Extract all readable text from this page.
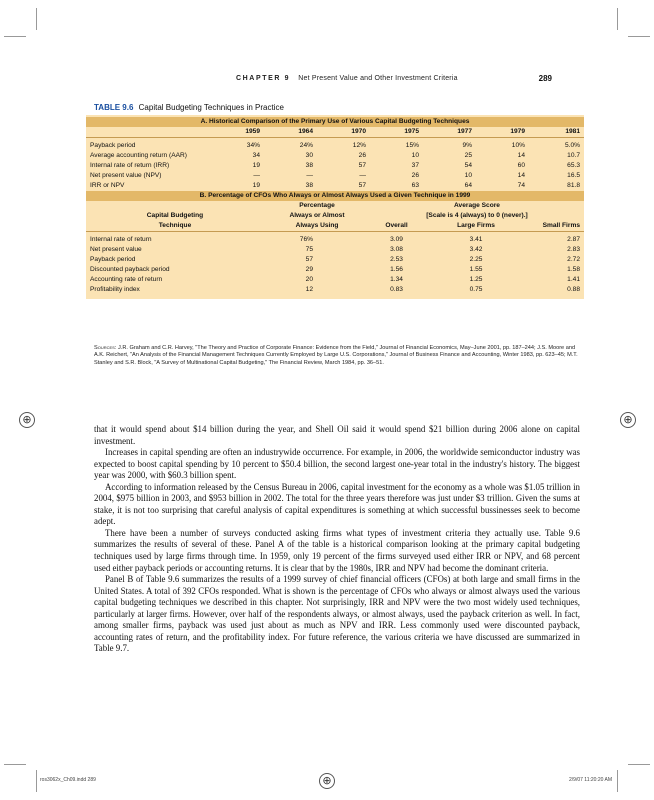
⊕	⊕
⊕
CHAPTER 9 Net Present Value and Other Investment Criteria	289
TABLE 9.6 Capital Budgeting Techniques in Practice
A. Historical Comparison of the Primary Use of Various Capital Budgeting Techniques							
	1959	1964	1970	1975	1977	1979	1981

Payback period	34%	24%	12%	15%	9%	10%	5.0%
Average accounting return (AAR)	34	30	26	10	25	14	10.7
Internal rate of return (IRR)	19	38	57	37	54	60	65.3
Net present value (NPV)	—	—	—	26	10	14	16.5
IRR or NPV	19	38	57	63	64	74	81.8
B. Percentage of CFOs Who Always or Almost Always Used a Given Technique in 1999							
		Percentage		Average Score			
Capital Budgeting		Always or Almost		[Scale is 4 (always) to 0 (never).]			
Technique		Always Using		Overall	Large Firms		Small Firms

Internal rate of return		76%		3.09	3.41		2.87
Net present value		75		3.08	3.42		2.83
Payback period		57		2.53	2.25		2.72
Discounted payback period		29		1.56	1.55		1.58
Accounting rate of return		20		1.34	1.25		1.41
Profitability index		12		0.83	0.75		0.88
Sources: J.R. Graham and C.R. Harvey, "The Theory and Practice of Corporate Finance: Evidence from the Field," Journal of Financial Economics, May–June 2001, pp. 187–244; J.S. Moore and A.K. Reichert, "An Analysis of the Financial Management Techniques Currently Employed by Large U.S. Corporations," Journal of Business Finance and Accounting, Winter 1983, pp. 623–45; M.T. Stanley and S.R. Block, "A Survey of Multinational Capital Budgeting," The Financial Review, March 1984, pp. 36–51.

that it would spend about $14 billion during the year, and Shell Oil said it would spend $21 billion during 2006 alone on capital investment.

Increases in capital spending are often an industrywide occurrence. For example, in 2006, the worldwide semiconductor industry was expected to boost capital spending by 10 percent to $50.4 billion, the second largest one-year total in the industry's history. The biggest year was 2000, with $60.3 billion spent.

According to information released by the Census Bureau in 2006, capital investment for the economy as a whole was $1.05 trillion in 2004, $975 billion in 2003, and $953 billion in 2002. The total for the three years therefore was just under $3 trillion. Given the sums at stake, it is not too surprising that careful analysis of capital expenditures is something at which successful bussinesses seek to become adept.

There have been a number of surveys conducted asking firms what types of investment criteria they actually use. Table 9.6 summarizes the results of several of these. Panel A of the table is a historical comparison looking at the primary capital budgeting techniques used by large firms through time. In 1959, only 19 percent of the firms surveyed used either IRR or NPV, and 68 percent used either payback periods or accounting returns. It is clear that by the 1980s, IRR and NPV had become the dominant criteria.

Panel B of Table 9.6 summarizes the results of a 1999 survey of chief financial officers (CFOs) at both large and small firms in the United States. A total of 392 CFOs responded. What is shown is the percentage of CFOs who always or almost always used the various capital budgeting techniques we described in this chapter. Not surprisingly, IRR and NPV were the two most widely used techniques, particularly at larger firms. However, over half of the respondents always, or almost always, used the payback criterion as well. In fact, among smaller firms, payback was used just about as much as NPV and IRR. Less commonly used were discounted payback, accounting rates of return, and the profitability index. For future reference, the various criteria we have discussed are summarized in Table 9.7.

ros3062x_Ch09.indd 289	2/9/07 11:20:20 AM
